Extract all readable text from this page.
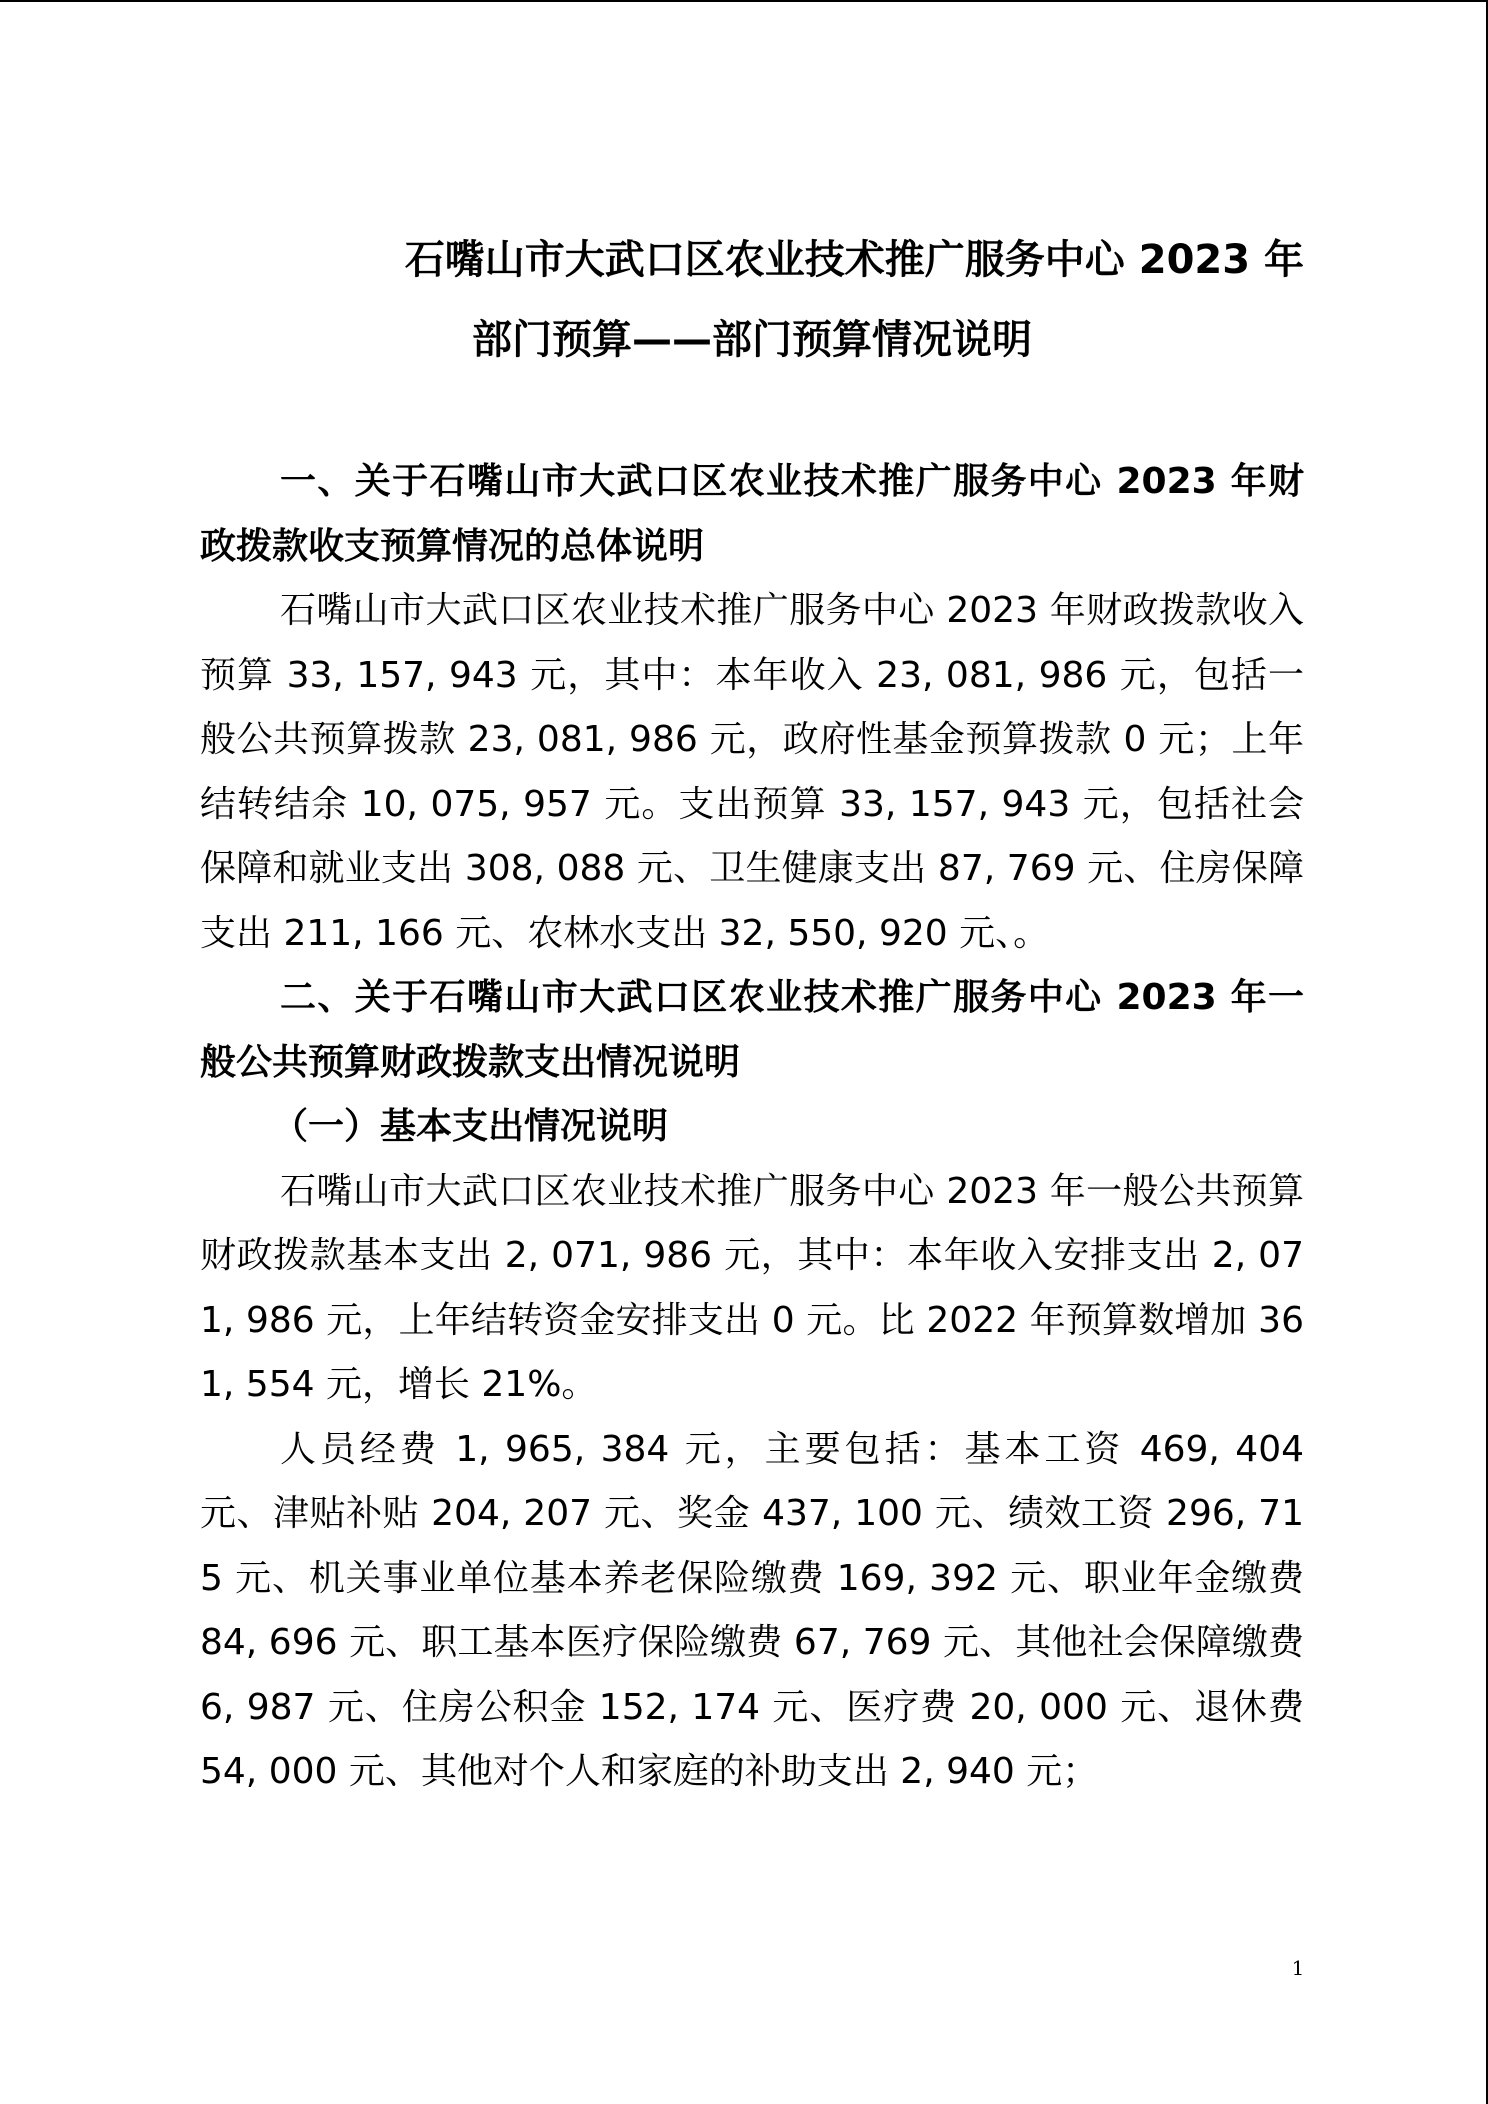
石嘴山市大武口区农业技术推广服务中心 2023 年

部门预算——部门预算情况说明

一、关于石嘴山市大武口区农业技术推广服务中心 2023 年财政拨款收支预算情况的总体说明

石嘴山市大武口区农业技术推广服务中心 2023 年财政拨款收入预算 33, 157, 943 元，其中：本年收入 23, 081, 986 元，包括一般公共预算拨款 23, 081, 986 元，政府性基金预算拨款 0 元；上年结转结余 10, 075, 957 元。支出预算 33, 157, 943 元，包括社会保障和就业支出 308, 088 元、卫生健康支出 87, 769 元、住房保障支出 211, 166 元、农林水支出 32, 550, 920 元、。

二、关于石嘴山市大武口区农业技术推广服务中心 2023 年一般公共预算财政拨款支出情况说明

（一）基本支出情况说明

石嘴山市大武口区农业技术推广服务中心 2023 年一般公共预算财政拨款基本支出 2, 071, 986 元，其中：本年收入安排支出 2, 071, 986 元，上年结转资金安排支出 0 元。比 2022 年预算数增加 361, 554 元，增长 21%。

人员经费 1, 965, 384 元，主要包括：基本工资 469, 404 元、津贴补贴 204, 207 元、奖金 437, 100 元、绩效工资 296, 715 元、机关事业单位基本养老保险缴费 169, 392 元、职业年金缴费 84, 696 元、职工基本医疗保险缴费 67, 769 元、其他社会保障缴费 6, 987 元、住房公积金 152, 174 元、医疗费 20, 000 元、退休费 54, 000 元、其他对个人和家庭的补助支出 2, 940 元；

1
